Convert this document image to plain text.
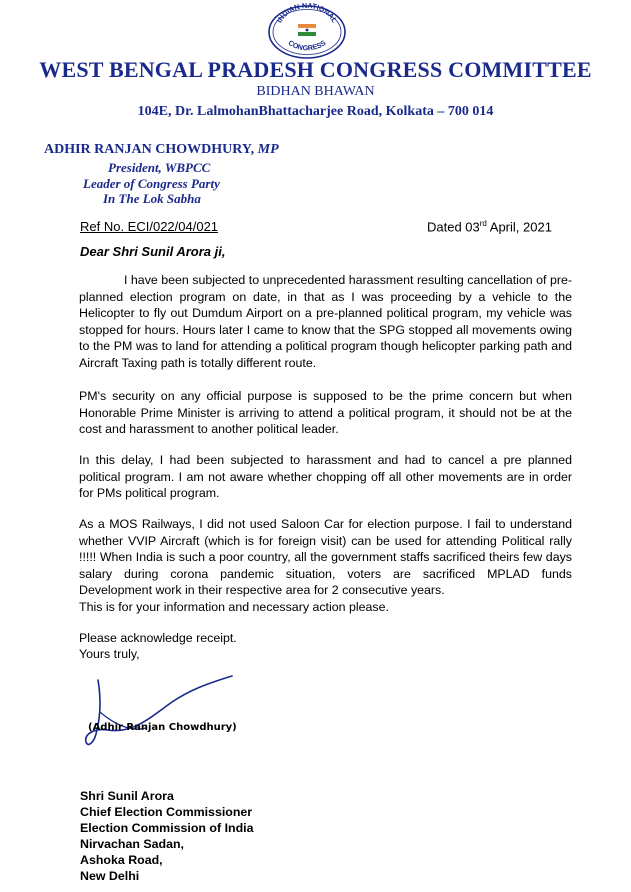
INDIAN NATIONAL
CONGRESS
WEST BENGAL PRADESH CONGRESS COMMITTEE
BIDHAN BHAWAN
104E, Dr. LalmohanBhattacharjee Road, Kolkata – 700 014
ADHIR RANJAN CHOWDHURY, MP
President, WBPCC
Leader of Congress Party
In The Lok Sabha
Ref No. ECI/022/04/021	Dated 03rd April, 2021
Dear Shri Sunil Arora ji,
I have been subjected to unprecedented harassment resulting cancellation of pre-planned election program on date, in that as I was proceeding by a vehicle to the Helicopter to fly out Dumdum Airport on a pre-planned political program, my vehicle was stopped for hours. Hours later I came to know that the SPG stopped all movements owing to the PM was to land for attending a political program though helicopter parking path and Aircraft Taxing path is totally different route.
PM's security on any official purpose is supposed to be the prime concern but when Honorable Prime Minister is arriving to attend a political program, it should not be at the cost and harassment to another political leader.
In this delay, I had been subjected to harassment and had to cancel a pre planned political program. I am not aware whether chopping off all other movements are in order for PMs political program.
As a MOS Railways, I did not used Saloon Car for election purpose. I fail to understand whether VVIP Aircraft (which is for foreign visit) can be used for attending Political rally !!!!! When India is such a poor country, all the government staffs sacrificed theirs few days salary during corona pandemic situation, voters are sacrificed MPLAD funds Development work in their respective area for 2 consecutive years.
This is for your information and necessary action please.
Please acknowledge receipt.
Yours truly,
(Adhir Ranjan Chowdhury)
Shri Sunil Arora
Chief Election Commissioner
Election Commission of India
Nirvachan Sadan,
Ashoka Road,
New Delhi
